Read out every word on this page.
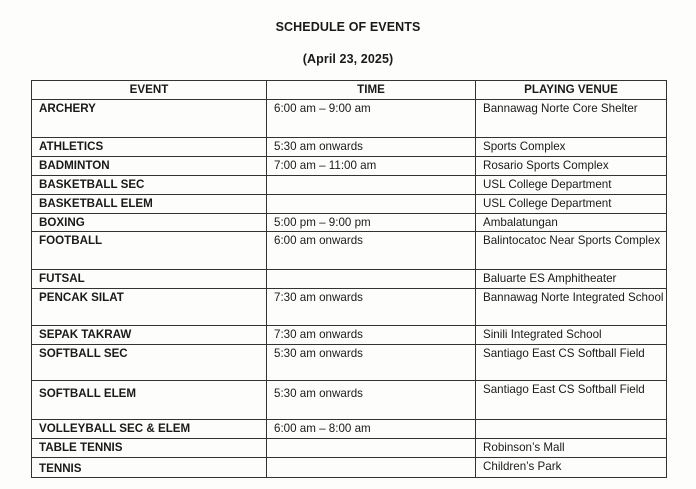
SCHEDULE OF EVENTS
(April 23, 2025)
EVENT	TIME	PLAYING VENUE
ARCHERY	6:00 am – 9:00 am	Bannawag Norte Core Shelter
ATHLETICS	5:30 am onwards	Sports Complex
BADMINTON	7:00 am – 11:00 am	Rosario Sports Complex
BASKETBALL SEC		USL College Department
BASKETBALL ELEM		USL College Department
BOXING	5:00 pm – 9:00 pm	Ambalatungan
FOOTBALL	6:00 am onwards	Balintocatoc Near Sports Complex
FUTSAL		Baluarte ES Amphitheater
PENCAK SILAT	7:30 am onwards	Bannawag Norte Integrated School
SEPAK TAKRAW	7:30 am onwards	Sinili Integrated School
SOFTBALL SEC	5:30 am onwards	Santiago East CS Softball Field
SOFTBALL ELEM	5:30 am onwards	Santiago East CS Softball Field
VOLLEYBALL SEC & ELEM	6:00 am – 8:00 am	
TABLE TENNIS		Robinson’s Mall
TENNIS		Children’s Park
